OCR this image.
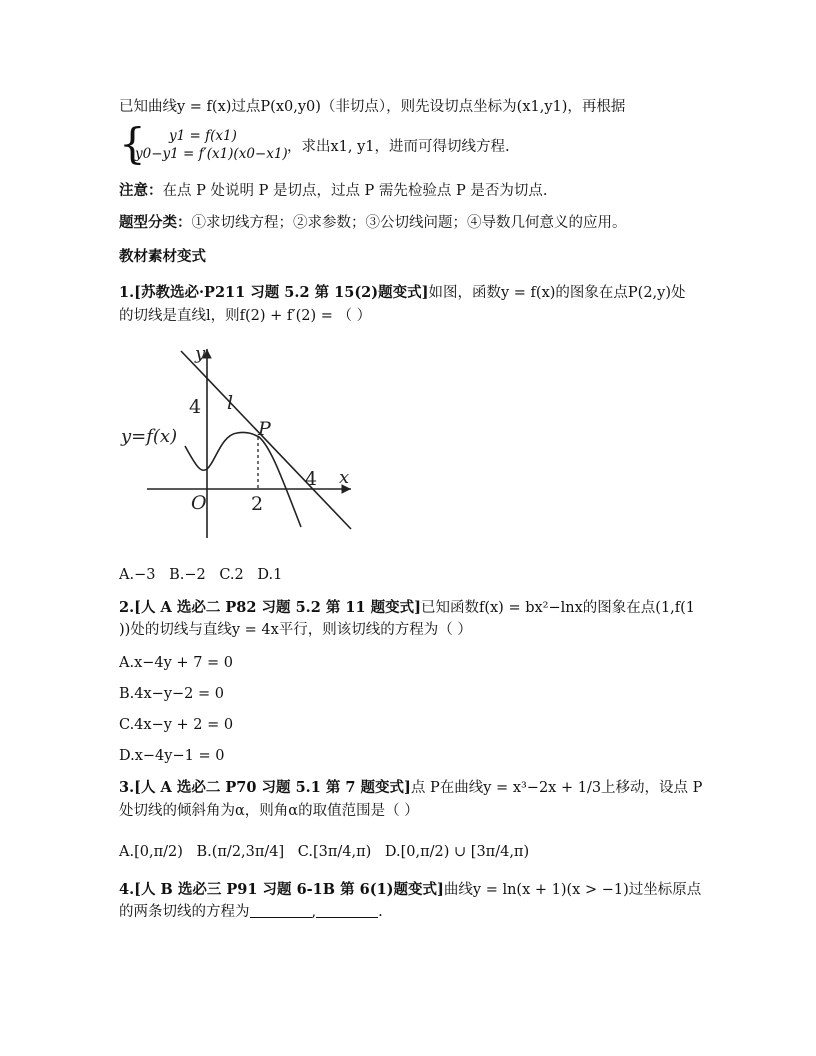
已知曲线y = f(x)过点P(x0,y0)（非切点），则先设切点坐标为(x1,y1)，再根据
{ y1 = f(x1)
y0−y1 = f′(x1)(x0−x1) ，求出x1, y1，进而可得切线方程.
注意：在点 P 处说明 P 是切点，过点 P 需先检验点 P 是否为切点.
题型分类：①求切线方程；②求参数；③公切线问题；④导数几何意义的应用。
教材素材变式
1.[苏教选必·P211 习题 5.2 第 15(2)题变式]如图，函数y = f(x)的图象在点P(2,y)处
的切线是直线l，则f(2) + f′(2) = （ ）
A.−3 B.−2 C.2 D.1
2.[人 A 选必二 P82 习题 5.2 第 11 题变式]已知函数f(x) = bx²−lnx的图象在点(1,f(1
))处的切线与直线y = 4x平行，则该切线的方程为（ ）
A.x−4y + 7 = 0
B.4x−y−2 = 0
C.4x−y + 2 = 0
D.x−4y−1 = 0
3.[人 A 选必二 P70 习题 5.1 第 7 题变式]点 P在曲线y = x³−2x + 1/3上移动，设点 P
处切线的倾斜角为α，则角α的取值范围是（ ）
A.[0,π/2) B.(π/2,3π/4] C.[3π/4,π) D.[0,π/2) ∪ [3π/4,π)
4.[人 B 选必三 P91 习题 6-1B 第 6(1)题变式]曲线y = ln(x + 1)(x > −1)过坐标原点
的两条切线的方程为	,	.
y
x
O
4
2
4
l
P
y=f(x)
